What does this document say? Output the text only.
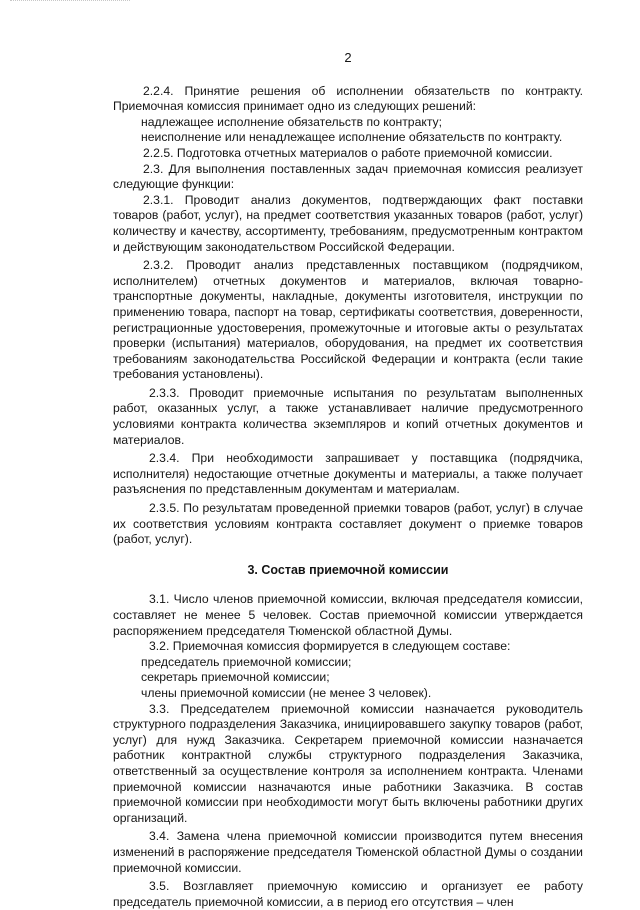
2

2.2.4. Принятие решения об исполнении обязательств по контракту. Приемочная комиссия принимает одно из следующих решений:

надлежащее исполнение обязательств по контракту;

неисполнение или ненадлежащее исполнение обязательств по контракту.

2.2.5. Подготовка отчетных материалов о работе приемочной комиссии.

2.3. Для выполнения поставленных задач приемочная комиссия реализует следующие функции:

2.3.1. Проводит анализ документов, подтверждающих факт поставки товаров (работ, услуг), на предмет соответствия указанных товаров (работ, услуг) количеству и качеству, ассортименту, требованиям, предусмотренным контрактом и действующим законодательством Российской Федерации.

2.3.2. Проводит анализ представленных поставщиком (подрядчиком, исполнителем) отчетных документов и материалов, включая товарно-транспортные документы, накладные, документы изготовителя, инструкции по применению товара, паспорт на товар, сертификаты соответствия, доверенности, регистрационные удостоверения, промежуточные и итоговые акты о результатах проверки (испытания) материалов, оборудования, на предмет их соответствия требованиям законодательства Российской Федерации и контракта (если такие требования установлены).

2.3.3. Проводит приемочные испытания по результатам выполненных работ, оказанных услуг, а также устанавливает наличие предусмотренного условиями контракта количества экземпляров и копий отчетных документов и материалов.

2.3.4. При необходимости запрашивает у поставщика (подрядчика, исполнителя) недостающие отчетные документы и материалы, а также получает разъяснения по представленным документам и материалам.

2.3.5. По результатам проведенной приемки товаров (работ, услуг) в случае их соответствия условиям контракта составляет документ о приемке товаров (работ, услуг).

3. Состав приемочной комиссии

3.1. Число членов приемочной комиссии, включая председателя комиссии, составляет не менее 5 человек. Состав приемочной комиссии утверждается распоряжением председателя Тюменской областной Думы.

3.2. Приемочная комиссия формируется в следующем составе:

председатель приемочной комиссии;

секретарь приемочной комиссии;

члены приемочной комиссии (не менее 3 человек).

3.3. Председателем приемочной комиссии назначается руководитель структурного подразделения Заказчика, инициировавшего закупку товаров (работ, услуг) для нужд Заказчика. Секретарем приемочной комиссии назначается работник контрактной службы структурного подразделения Заказчика, ответственный за осуществление контроля за исполнением контракта. Членами приемочной комиссии назначаются иные работники Заказчика. В состав приемочной комиссии при необходимости могут быть включены работники других организаций.

3.4. Замена члена приемочной комиссии производится путем внесения изменений в распоряжение председателя Тюменской областной Думы о создании приемочной комиссии.

3.5. Возглавляет приемочную комиссию и организует ее работу председатель приемочной комиссии, а в период его отсутствия – член
